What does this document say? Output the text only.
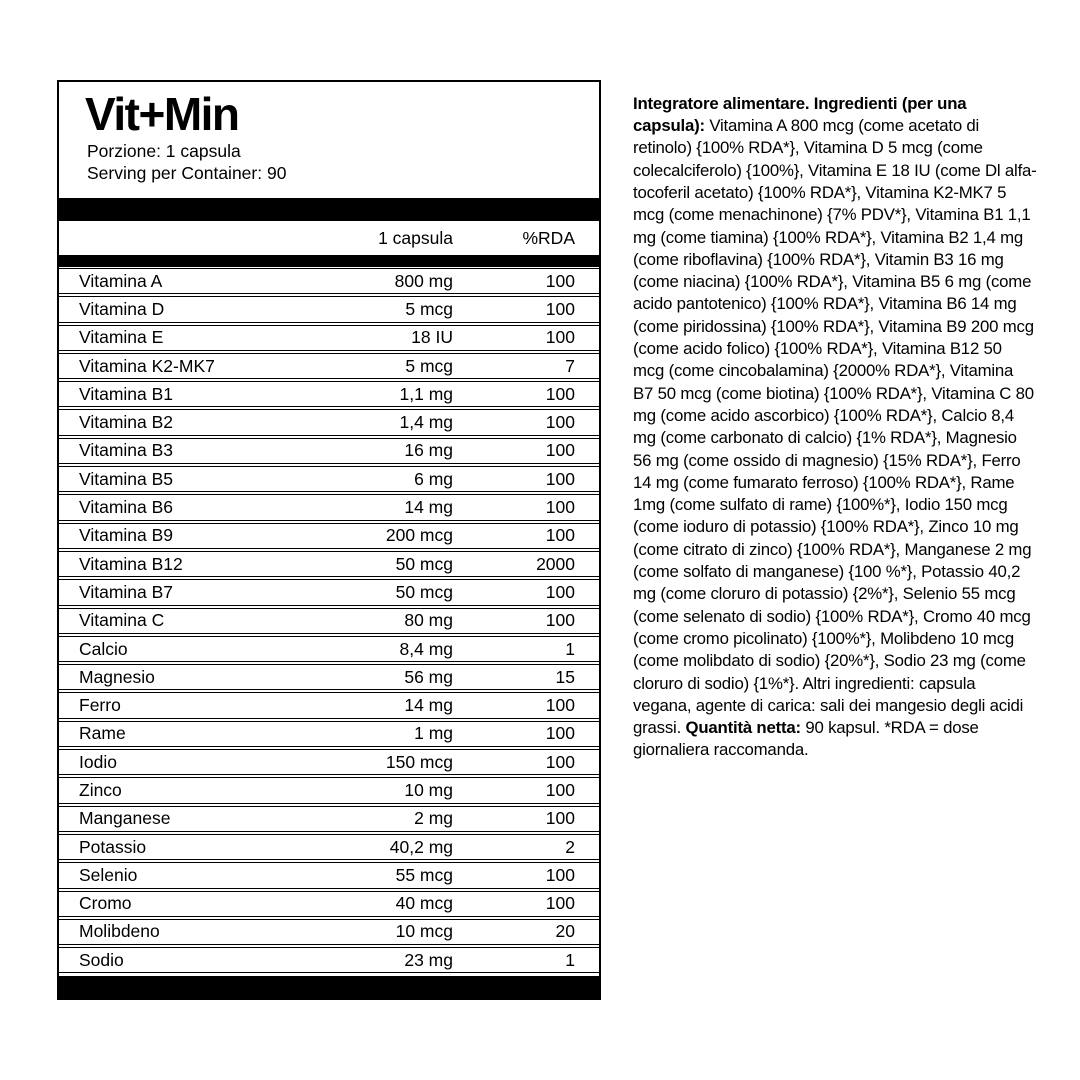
Vit+Min
Porzione: 1 capsula
Serving per Container: 90
1 capsula	%RDA
Vitamina A	800 mg	100
Vitamina D	5 mcg	100
Vitamina E	18 IU	100
Vitamina K2-MK7	5 mcg	7
Vitamina B1	1,1 mg	100
Vitamina B2	1,4 mg	100
Vitamina B3	16 mg	100
Vitamina B5	6 mg	100
Vitamina B6	14 mg	100
Vitamina B9	200 mcg	100
Vitamina B12	50 mcg	2000
Vitamina B7	50 mcg	100
Vitamina C	80 mg	100
Calcio	8,4 mg	1
Magnesio	56 mg	15
Ferro	14 mg	100
Rame	1 mg	100
Iodio	150 mcg	100
Zinco	10 mg	100
Manganese	2 mg	100
Potassio	40,2 mg	2
Selenio	55 mcg	100
Cromo	40 mcg	100
Molibdeno	10 mcg	20
Sodio	23 mg	1

Integratore alimentare. Ingredienti (per una capsula): Vitamina A 800 mcg (come acetato di retinolo) {100% RDA*}, Vitamina D 5 mcg (come colecalciferolo) {100%}, Vitamina E 18 IU (come Dl alfa-tocoferil acetato) {100% RDA*}, Vitamina K2-MK7 5 mcg (come menachinone) {7% PDV*}, Vitamina B1 1,1 mg (come tiamina) {100% RDA*}, Vitamina B2 1,4 mg (come riboflavina) {100% RDA*}, Vitamin B3 16 mg (come niacina) {100% RDA*}, Vitamina B5 6 mg (come acido pantotenico) {100% RDA*}, Vitamina B6 14 mg (come piridossina) {100% RDA*}, Vitamina B9 200 mcg (come acido folico) {100% RDA*}, Vitamina B12 50 mcg (come cincobalamina) {2000% RDA*}, Vitamina B7 50 mcg (come biotina) {100% RDA*}, Vitamina C 80 mg (come acido ascorbico) {100% RDA*}, Calcio 8,4 mg (come carbonato di calcio) {1% RDA*}, Magnesio 56 mg (come ossido di magnesio) {15% RDA*}, Ferro 14 mg (come fumarato ferroso) {100% RDA*}, Rame 1mg (come sulfato di rame) {100%*}, Iodio 150 mcg (come ioduro di potassio) {100% RDA*}, Zinco 10 mg (come citrato di zinco) {100% RDA*}, Manganese 2 mg (come solfato di manganese) {100 %*}, Potassio 40,2 mg (come cloruro di potassio) {2%*}, Selenio 55 mcg (come selenato di sodio) {100% RDA*}, Cromo 40 mcg (come cromo picolinato) {100%*}, Molibdeno 10 mcg (come molibdato di sodio) {20%*}, Sodio 23 mg (come cloruro di sodio) {1%*}. Altri ingredienti: capsula vegana, agente di carica: sali dei mangesio degli acidi grassi. Quantità netta: 90 kapsul. *RDA = dose giornaliera raccomanda.
